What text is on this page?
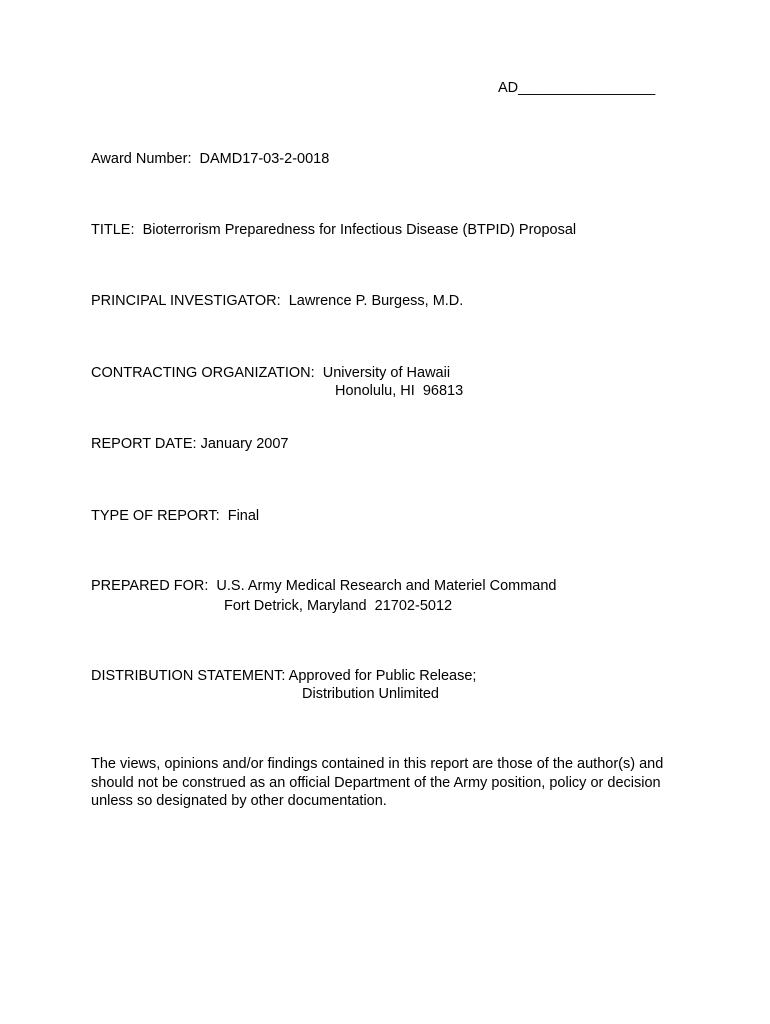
AD_________________
Award Number: DAMD17-03-2-0018
TITLE: Bioterrorism Preparedness for Infectious Disease (BTPID) Proposal
PRINCIPAL INVESTIGATOR: Lawrence P. Burgess, M.D.
CONTRACTING ORGANIZATION: University of Hawaii
Honolulu, HI  96813
REPORT DATE: January 2007
TYPE OF REPORT: Final
PREPARED FOR: U.S. Army Medical Research and Materiel Command
Fort Detrick, Maryland  21702-5012
DISTRIBUTION STATEMENT: Approved for Public Release;
Distribution Unlimited
The views, opinions and/or findings contained in this report are those of the author(s) and
should not be construed as an official Department of the Army position, policy or decision
unless so designated by other documentation.
